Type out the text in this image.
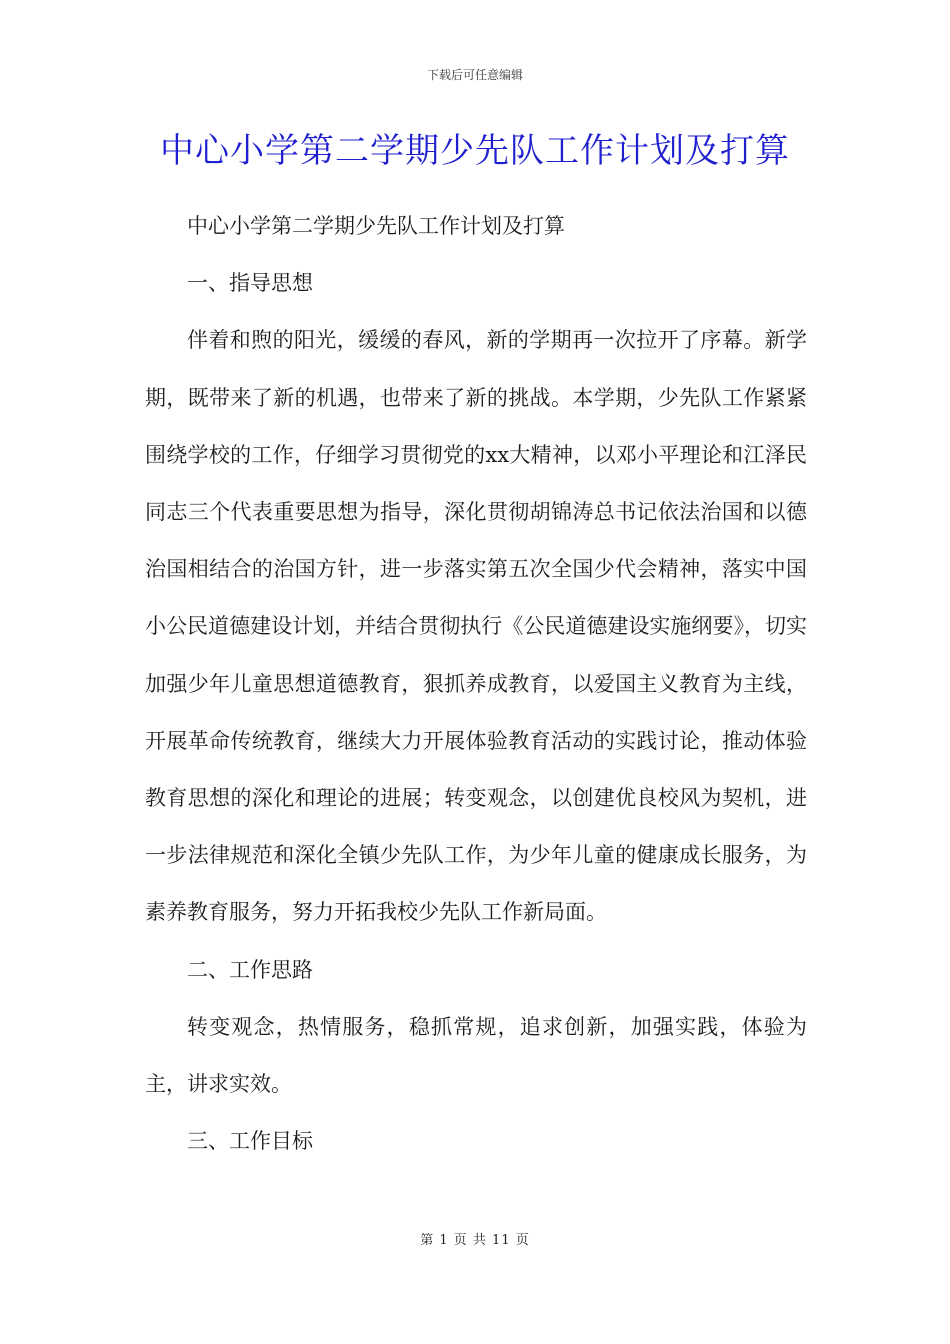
下载后可任意编辑
中心小学第二学期少先队工作计划及打算

中心小学第二学期少先队工作计划及打算

一、指导思想

伴着和煦的阳光，缓缓的春风，新的学期再一次拉开了序幕。新学期，既带来了新的机遇，也带来了新的挑战。本学期，少先队工作紧紧围绕学校的工作，仔细学习贯彻党的xx大精神，以邓小平理论和江泽民同志三个代表重要思想为指导，深化贯彻胡锦涛总书记依法治国和以德治国相结合的治国方针，进一步落实第五次全国少代会精神，落实中国小公民道德建设计划，并结合贯彻执行《公民道德建设实施纲要》，切实加强少年儿童思想道德教育，狠抓养成教育，以爱国主义教育为主线，开展革命传统教育，继续大力开展体验教育活动的实践讨论，推动体验教育思想的深化和理论的进展；转变观念，以创建优良校风为契机，进一步法律规范和深化全镇少先队工作，为少年儿童的健康成长服务，为素养教育服务，努力开拓我校少先队工作新局面。

二、工作思路

转变观念，热情服务，稳抓常规，追求创新，加强实践，体验为主，讲求实效。

三、工作目标

第 1 页 共 11 页
